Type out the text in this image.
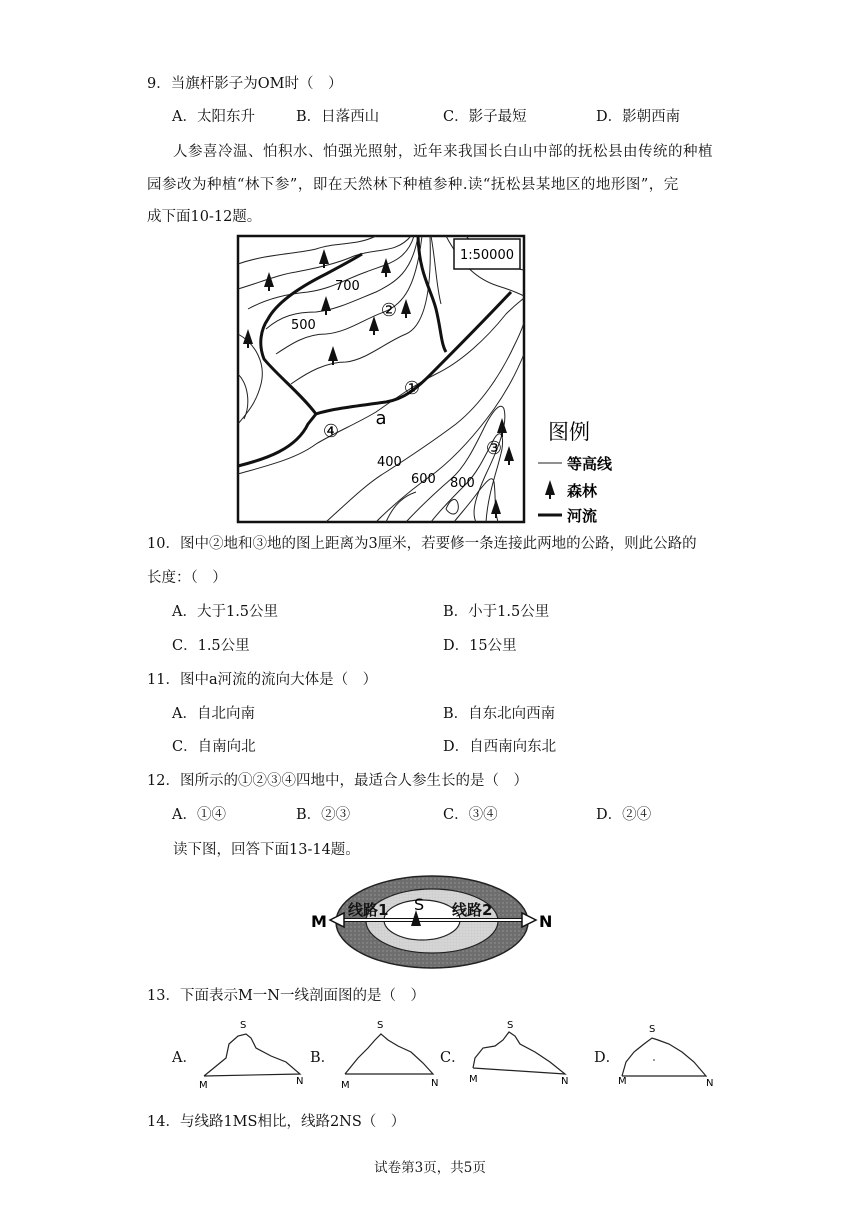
9．当旗杆影子为OM时（　）
A．太阳东升	B．日落西山	C．影子最短	D．影朝西南
人参喜冷温、怕积水、怕强光照射，近年来我国长白山中部的抚松县由传统的种植
园参改为种植“林下参”，即在天然林下种植参种.读“抚松县某地区的地形图”，完
成下面10-12题。
1:50000
700
500
400
600 800
①
②
③
④
a
图例
等高线
森林
河流
10．图中②地和③地的图上距离为3厘米，若要修一条连接此两地的公路，则此公路的
长度：（　）
A．大于1.5公里	B．小于1.5公里
C．1.5公里	D．15公里
11．图中a河流的流向大体是（　）
A．自北向南	B．自东北向西南
C．自南向北	D．自西南向东北
12．图所示的①②③④四地中，最适合人参生长的是（　）
A．①④	B．②③	C．③④	D．②④
读下图，回答下面13-14题。
M	N
S
线路1	线路2
13．下面表示M一N一线剖面图的是（　）
A．
S
M	N
B．
S
M	N
C．
S
M	N
D．
S
M	N
14．与线路1MS相比，线路2NS（　）
试卷第3页，共5页
